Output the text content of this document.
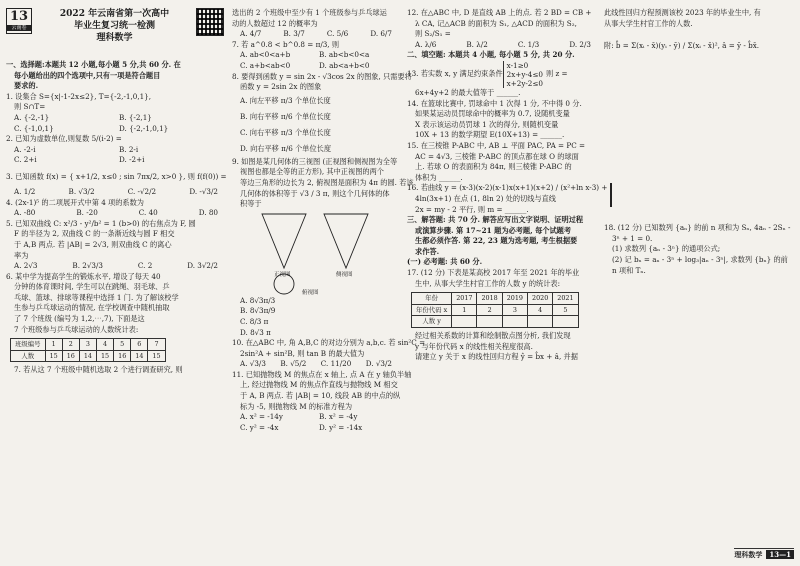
13
云南卷
2022 年云南省第一次高中
毕业生复习统一检测
理科数学
一、选择题:本题共 12 小题,每小题 5 分,共 60 分. 在
每小题给出的四个选项中,只有一项是符合题目
要求的.
1. 设集合 S={x|-1-2x≤2}, T={-2,-1,0,1},
则 S∩T=
A. {-2,-1}	B. {-2,1}
C. {-1,0,1}	D. {-2,-1,0,1}
2. 已知为虚数单位,则复数 5/(i-2) =
A. -2-i	B. 2-i
C. 2+i	D. -2+i
3. 已知函数 f(x) = { x+1/2, x≤0 ; sin 7πx/2, x>0 }, 则 f(f(0)) =
A. 1/2	B. √3/2	C. -√2/2	D. -√3/2
4. (2x-1)⁵ 的二项展开式中第 4 项的系数为
A. -80	B. -20	C. 40	D. 80
5. 已知双曲线 C: x²/3 - y²/b² = 1 (b>0) 的右焦点为 F, 圆
F 的半径为 2, 双曲线 C 的一条渐近线与圆 F 相交
于 A,B 两点. 若 |AB| = 2√3, 则双曲线 C 的离心
率为
A. 2√3	B. 2√3/3	C. 2	D. 3√2/2
6. 某中学为提高学生的锻炼水平, 增设了每天 40
分钟的体育课时间, 学生可以在跳绳、羽毛球、乒
乓球、篮球、排球等课程中选择 1 门. 为了解该校学
生参与乒乓球运动的情况, 在学校调查中随机抽取
了 7 个班级 (编号为 1,2,⋯,7), 下面是这
7 个班级参与乒乓球运动的人数统计表:
班级编号	1	2	3	4	5	6	7
人数	15	16	14	15	16	14	15
7. 若从这 7 个班级中随机选取 2 个进行调查研究, 则
选出的 2 个班级中至少有 1 个班级参与乒乓球运
动的人数超过 12 的概率为
A. 4/7	B. 3/7	C. 5/6	D. 6/7
7. 若 a^0.8 < b^0.8 = π/3, 则
A. ab<0<a+b	B. ab<b<0<a
C. a+b<ab<0	D. ab<a+b<0
8. 要得到函数 y = sin 2x - √3cos 2x 的图象, 只需要将
函数 y = 2sin 2x 的图象
A. 向左平移 π/3 个单位长度
B. 向右平移 π/6 个单位长度
C. 向右平移 π/3 个单位长度
D. 向右平移 π/6 个单位长度
9. 如图是某几何体的三视图 (正视图和侧视图为全等
视图也都是全等的正方形), 其中正视图的两个
等边三角形的边长为 2, 俯视图是面积为 4π 的圆. 若该
几何体的体积等于 √3 / 3 π, 则这个几何体的体
积等于
正视图	侧视图
俯视图
A. 8√3π/3
B. 8√3π/9
C. 8/3 π
D. 8√3 π
10. 在△ABC 中, 角 A,B,C 的对边分别为 a,b,c. 若 sin²C =
2sin²A + sin²B, 则 tan B 的最大值为
A. √3/3 B. √5/2 C. 11/20 D. √3/2
11. 已知抛物线 M 的焦点在 x 轴上, 点 A 在 y 轴负半轴
上, 经过抛物线 M 的焦点作直线与抛物线 M 相交
于 A, B 两点. 若 |AB| = 10, 线段 AB 的中点的纵
标为 -5, 则抛物线 M 的标准方程为
A. x² = -14y	B. x² = -4y
C. y² = -4x	D. y² = -14x
12. 在△ABC 中, D 是直线 AB 上的点. 若 2 BD = CB +
λ CA, 记△ACB 的面积为 S₁, △ACD 的面积为 S₂,
则 S₂/S₁ =
A. λ/6	B. λ/2	C. 1/3	D. 2/3
二、填空题: 本题共 4 小题, 每小题 5 分, 共 20 分.
13. 若实数 x, y 满足约束条件
x-1≥0
2x+y-4≤0
x+2y-2≤0
则 z =
6x+4y+2 的最大值等于 ______.
14. 在篮球比赛中, 罚球命中 1 次得 1 分, 不中得 0 分.
如果某运动员罚球命中的概率为 0.7, 设随机变量
X 表示该运动员罚球 1 次的得分, 则随机变量
10X + 13 的数学期望 E(10X+13) = ______.
15. 在三棱锥 P-ABC 中, AB ⊥ 平面 PAC, PA = PC =
AC = 4√3, 三棱锥 P-ABC 的顶点都在球 O 的球面
上. 若球 O 的表面积为 84π, 则三棱锥 P-ABC 的
体积为 ______.
16. 若曲线 y = (x-3)(x-2)(x-1)x(x+1)(x+2) / (x²+ln x-3) +
4ln(3x+1) 在点 (1, 8ln 2) 处的切线与直线
2x = my - 2 平行, 则 m = ______.
三、解答题: 共 70 分. 解答应写出文字说明、证明过程
或演算步骤. 第 17~21 题为必考题, 每个试题考
生都必须作答. 第 22, 23 题为选考题, 考生根据要
求作答.
(一) 必考题: 共 60 分.
17. (12 分) 下表是某高校 2017 年至 2021 年的毕业
生中, 从事大学生村官工作的人数 y 的统计表:
年份	2017	2018	2019	2020	2021
年份代码 x	1	2	3	4	5
人数 y					
经过相关系数的计算和绘制散点图分析, 我们发现
y 与年份代码 x 的线性相关程度很高.
请建立 y 关于 x 的线性回归方程 ŷ = b̂x + â, 并据
此线性回归方程预测该校 2023 年的毕业生中, 有
从事大学生村官工作的人数.
附: b̂ = Σ(xᵢ - x̄)(yᵢ - ȳ) / Σ(xᵢ - x̄)², â = ȳ - b̂x̄.
18. (12 分) 已知数列 {aₙ} 的前 n 项和为 Sₙ, 4aₙ - 2Sₙ -
3ⁿ + 1 = 0.
(1) 求数列 {aₙ - 3ⁿ} 的通项公式;
(2) 记 bₙ = aₙ - 3ⁿ + log₃|aₙ - 3ⁿ|, 求数列 {bₙ} 的前 n 项和 Tₙ.
理科数学 13—1
